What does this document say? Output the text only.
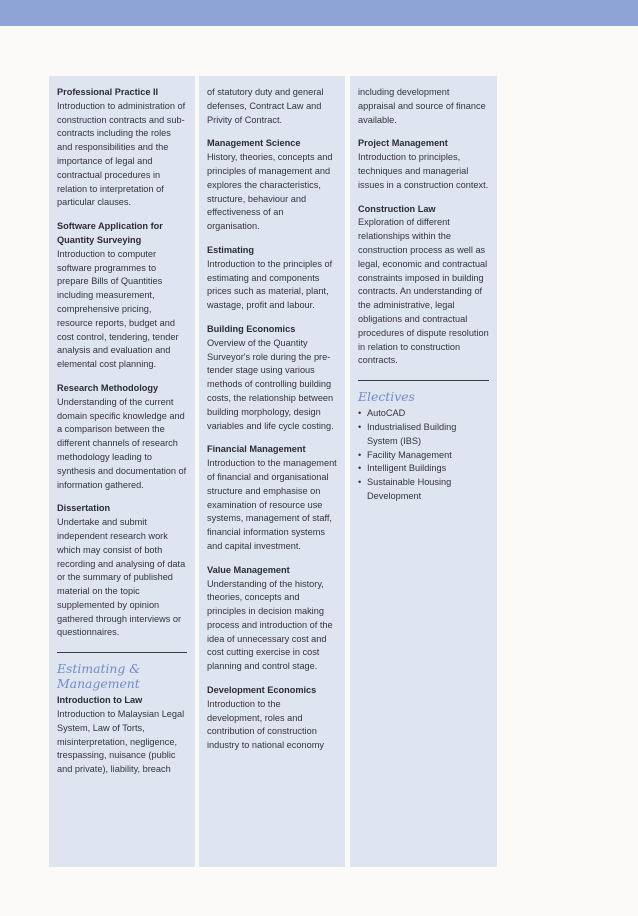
Professional Practice II
Introduction to administration of construction contracts and sub-contracts including the roles and responsibilities and the importance of legal and contractual procedures in relation to interpretation of particular clauses.
Software Application for Quantity Surveying
Introduction to computer software programmes to prepare Bills of Quantities including measurement, comprehensive pricing, resource reports, budget and cost control, tendering, tender analysis and evaluation and elemental cost planning.
Research Methodology
Understanding of the current domain specific knowledge and a comparison between the different channels of research methodology leading to synthesis and documentation of information gathered.
Dissertation
Undertake and submit independent research work which may consist of both recording and analysing of data or the summary of published material on the topic supplemented by opinion gathered through interviews or questionnaires.
Estimating & Management
Introduction to Law
Introduction to Malaysian Legal System, Law of Torts, misinterpretation, negligence, trespassing, nuisance (public and private), liability, breach
of statutory duty and general defenses, Contract Law and Privity of Contract.
Management Science
History, theories, concepts and principles of management and explores the characteristics, structure, behaviour and effectiveness of an organisation.
Estimating
Introduction to the principles of estimating and components prices such as material, plant, wastage, profit and labour.
Building Economics
Overview of the Quantity Surveyor's role during the pre-tender stage using various methods of controlling building costs, the relationship between building morphology, design variables and life cycle costing.
Financial Management
Introduction to the management of financial and organisational structure and emphasise on examination of resource use systems, management of staff, financial information systems and capital investment.
Value Management
Understanding of the history, theories, concepts and principles in decision making process and introduction of the idea of unnecessary cost and cost cutting exercise in cost planning and control stage.
Development Economics
Introduction to the development, roles and contribution of construction industry to national economy
including development appraisal and source of finance available.
Project Management
Introduction to principles, techniques and managerial issues in a construction context.
Construction Law
Exploration of different relationships within the construction process as well as legal, economic and contractual constraints imposed in building contracts. An understanding of the administrative, legal obligations and contractual procedures of dispute resolution in relation to construction contracts.
Electives
• AutoCAD
• Industrialised Building System (IBS)
• Facility Management
• Intelligent Buildings
• Sustainable Housing Development
